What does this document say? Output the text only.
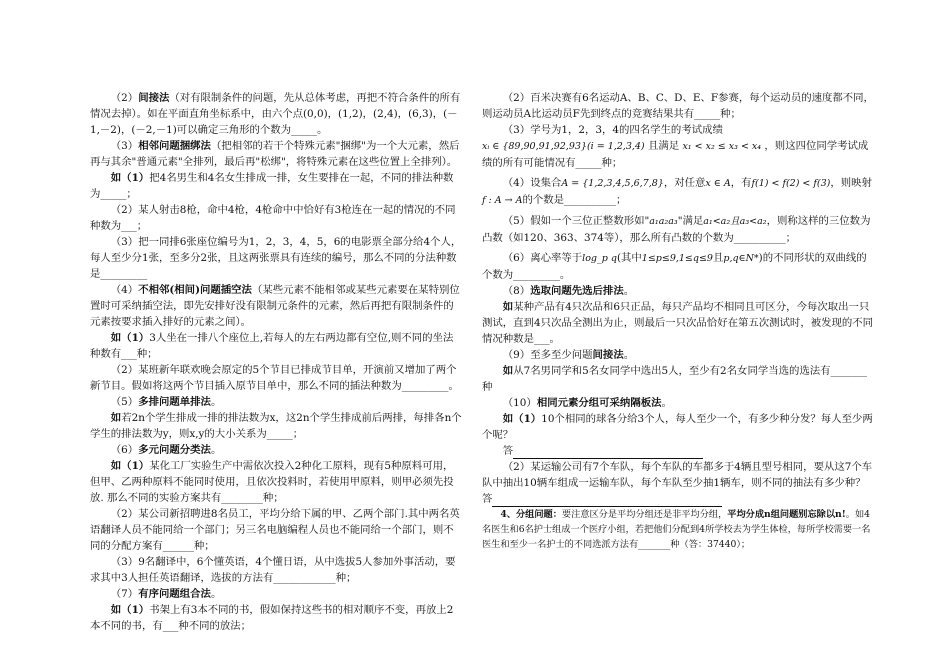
（2）间接法（对有限制条件的问题，先从总体考虑，再把不符合条件的所有情况去掉）。如在平面直角坐标系中，由六个点(0,0)，(1,2)，(2,4)，(6,3)，(－1,－2)，(－2,－1)可以确定三角形的个数为_____。

（3）相邻问题捆绑法（把相邻的若干个特殊元素"捆绑"为一个大元素，然后再与其余"普通元素"全排列，最后再"松绑"，将特殊元素在这些位置上全排列）。

如（1）把4名男生和4名女生排成一排，女生要排在一起，不同的排法种数为_____；

（2）某人射击8枪，命中4枪，4枪命中中恰好有3枪连在一起的情况的不同种数为___；

（3）把一同排6张座位编号为1，2，3，4，5，6的电影票全部分给4个人，每人至少分1张，至多分2张，且这两张票具有连续的编号，那么不同的分法种数是_________

（4）不相邻(相间)问题插空法（某些元素不能相邻或某些元素要在某特别位置时可采纳插空法，即先安排好没有限制元条件的元素，然后再把有限制条件的元素按要求插入排好的元素之间）。

如（1）3人坐在一排八个座位上,若每人的左右两边都有空位,则不同的坐法种数有___种；

（2）某班新年联欢晚会原定的5个节目已排成节目单，开演前又增加了两个新节目。假如将这两个节目插入原节目单中，那么不同的插法种数为_________。

（5）多排问题单排法。

如若2n个学生排成一排的排法数为x，这2n个学生排成前后两排，每排各n个学生的排法数为y，则x,y的大小关系为_____；

（6）多元问题分类法。

如（1）某化工厂实验生产中需依次投入2种化工原料，现有5种原料可用，但甲、乙两种原料不能同时使用，且依次投料时，若使用甲原料，则甲必须先投放. 那么不同的实验方案共有________种；

（2）某公司新招聘进8名员工，平均分给下属的甲、乙两个部门.其中两名英语翻译人员不能同给一个部门；另三名电脑编程人员也不能同给一个部门，则不同的分配方案有______种；

（3）9名翻译中，6个懂英语，4个懂日语，从中选拔5人参加外事活动，要求其中3人担任英语翻译，选拔的方法有____________种；

（7）有序问题组合法。

如（1）书架上有3本不同的书，假如保持这些书的相对顺序不变，再放上2本不同的书，有___种不同的放法；

（2）百米决赛有6名运动A、B、C、D、E、F参赛，每个运动员的速度都不同，则运动员A比运动员F先到终点的竞赛结果共有_____种；

（3）学号为1，2，3，4的四名学生的考试成绩

xᵢ ∈ {89,90,91,92,93}(i = 1,2,3,4) 且满足 x₁ < x₂ ≤ x₃ < x₄ ，则这四位同学考试成绩的所有可能情况有_____种；

（4）设集合A = {1,2,3,4,5,6,7,8}，对任意x ∈ A，有f(1) < f(2) < f(3)，则映射f : A → A的个数是__________；

（5）假如一个三位正整数形如"a₁a₂a₃"满足a₁<a₂且a₃<a₂，则称这样的三位数为凸数（如120、363、374等），那么所有凸数的个数为__________；

（6）离心率等于log_p q(其中1≤p≤9,1≤q≤9且p,q∈N*)的不同形状的双曲线的个数为_________。

（8）选取问题先选后排法。

如某种产品有4只次品和6只正品，每只产品均不相同且可区分，今每次取出一只测试，直到4只次品全测出为止，则最后一只次品恰好在第五次测试时，被发现的不同情况种数是___。

（9）至多至少问题间接法。

如从7名男同学和5名女同学中选出5人，至少有2名女同学当选的选法有_______种

（10）相同元素分组可采纳隔板法。

如（1）10个相同的球各分给3个人，每人至少一个，有多少种分发？每人至少两个呢？

答

（2）某运输公司有7个车队，每个车队的车都多于4辆且型号相同，要从这7个车队中抽出10辆车组成一运输车队，每个车队至少抽1辆车，则不同的抽法有多少种？

答

4、分组问题：要注意区分是平均分组还是非平均分组，平均分成n组问题别忘除以n!。如4名医生和6名护士组成一个医疗小组，若把他们分配到4所学校去为学生体检，每所学校需要一名医生和至少一名护士的不同选派方法有_______种（答：37440）；
